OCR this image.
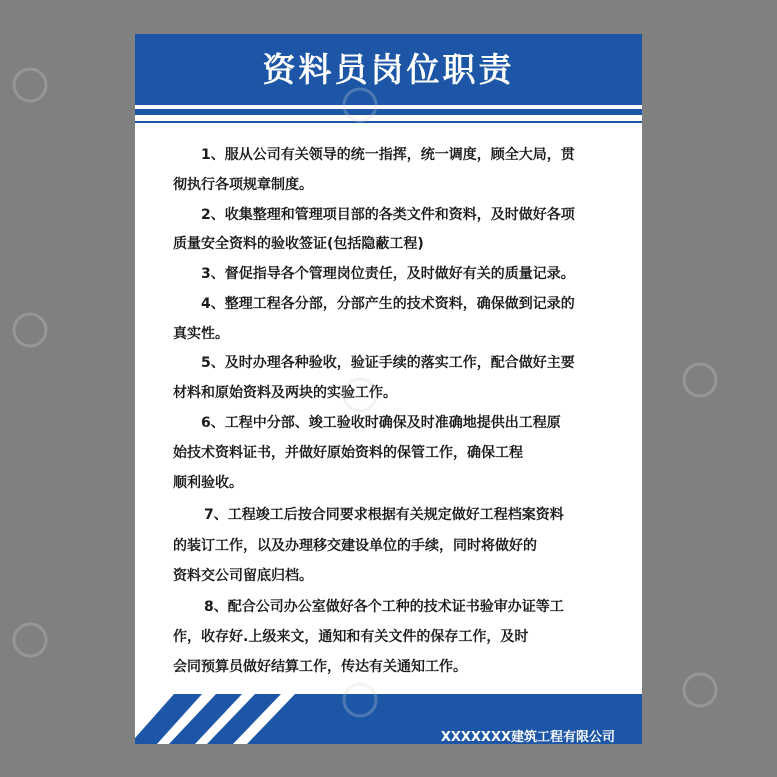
资料员岗位职责
1、服从公司有关领导的统一指挥，统一调度，顾全大局，贯
彻执行各项规章制度。
2、收集整理和管理项目部的各类文件和资料，及时做好各项
质量安全资料的验收签证(包括隐蔽工程)
3、督促指导各个管理岗位责任，及时做好有关的质量记录。
4、整理工程各分部，分部产生的技术资料，确保做到记录的
真实性。
5、及时办理各种验收，验证手续的落实工作，配合做好主要
材料和原始资料及两块的实验工作。
6、工程中分部、竣工验收时确保及时准确地提供出工程原
始技术资料证书，并做好原始资料的保管工作，确保工程
顺利验收。
7、工程竣工后按合同要求根据有关规定做好工程档案资料
的装订工作，以及办理移交建设单位的手续，同时将做好的
资料交公司留底归档。
8、配合公司办公室做好各个工种的技术证书验审办证等工
作，收存好.上级来文，通知和有关文件的保存工作，及时
会同预算员做好结算工作，传达有关通知工作。
XXXXXXX建筑工程有限公司
